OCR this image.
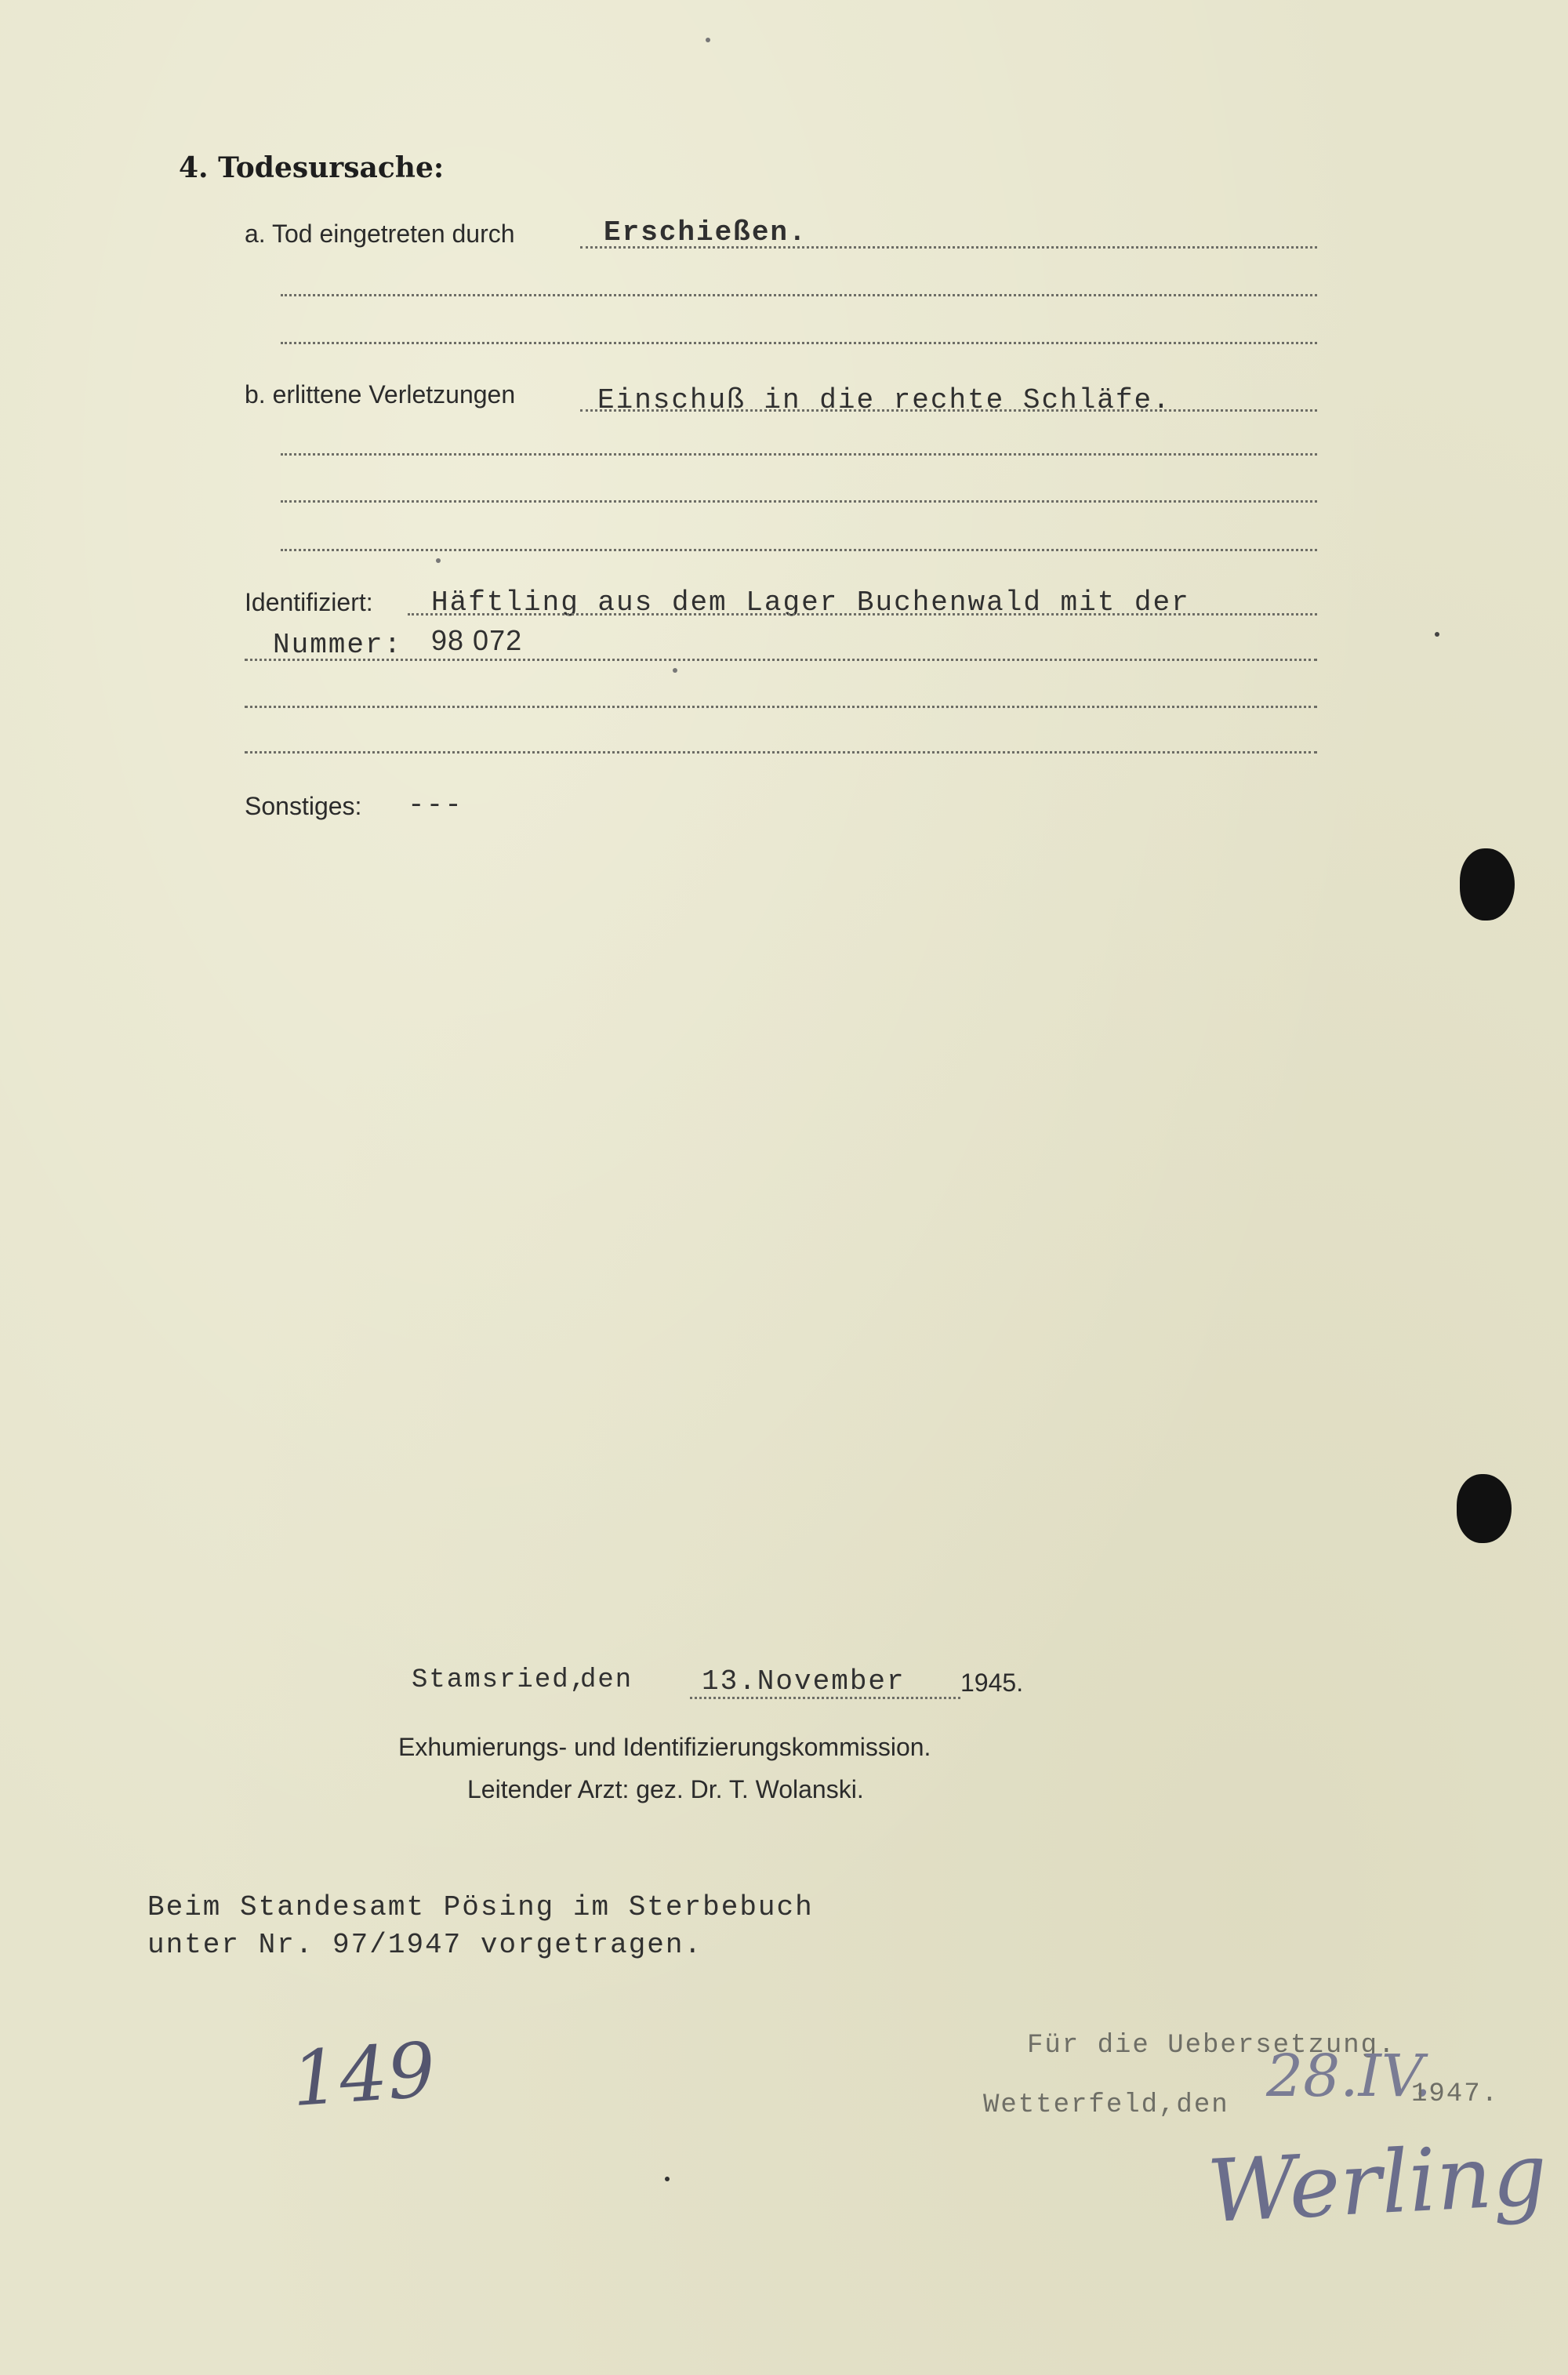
4. Todesursache:
a. Tod eingetreten durch	Erschießen.
b. erlittene Verletzungen	Einschuß in die rechte Schläfe.
Identifiziert: Häftling aus dem Lager Buchenwald mit der
Nummer: 98 072
Sonstiges: ---
Stamsried,
den 13.November 1945.
Exhumierungs- und Identifizierungskommission.
Leitender Arzt: gez. Dr. T. Wolanski.
Beim Standesamt Pösing im Sterbebuch
unter Nr. 97/1947 vorgetragen.
149	Für die Uebersetzung.
Wetterfeld,den 28.IV.
1947.
Werling
